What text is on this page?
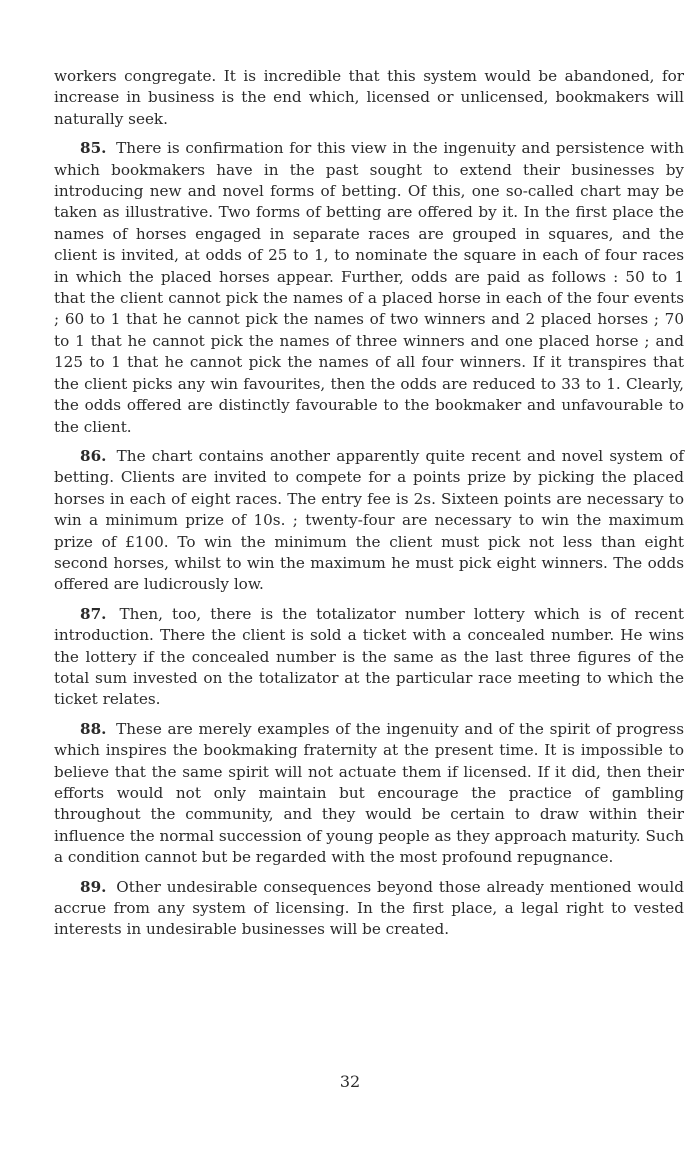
workers congregate. It is incredible that this system would be abandoned, for increase in business is the end which, licensed or unlicensed, bookmakers will naturally seek.

85. There is confirmation for this view in the ingenuity and persistence with which bookmakers have in the past sought to extend their businesses by introducing new and novel forms of betting. Of this, one so-called chart may be taken as illustrative. Two forms of betting are offered by it. In the first place the names of horses engaged in separate races are grouped in squares, and the client is invited, at odds of 25 to 1, to nominate the square in each of four races in which the placed horses appear. Further, odds are paid as follows : 50 to 1 that the client cannot pick the names of a placed horse in each of the four events ; 60 to 1 that he cannot pick the names of two winners and 2 placed horses ; 70 to 1 that he cannot pick the names of three winners and one placed horse ; and 125 to 1 that he cannot pick the names of all four winners. If it transpires that the client picks any win favourites, then the odds are reduced to 33 to 1. Clearly, the odds offered are distinctly favourable to the bookmaker and unfavourable to the client.

86. The chart contains another apparently quite recent and novel system of betting. Clients are invited to compete for a points prize by picking the placed horses in each of eight races. The entry fee is 2s. Sixteen points are necessary to win a minimum prize of 10s. ; twenty-four are necessary to win the maximum prize of £100. To win the minimum the client must pick not less than eight second horses, whilst to win the maximum he must pick eight winners. The odds offered are ludicrously low.

87. Then, too, there is the totalizator number lottery which is of recent introduction. There the client is sold a ticket with a concealed number. He wins the lottery if the concealed number is the same as the last three figures of the total sum invested on the totalizator at the particular race meeting to which the ticket relates.

88. These are merely examples of the ingenuity and of the spirit of progress which inspires the bookmaking fraternity at the present time. It is impossible to believe that the same spirit will not actuate them if licensed. If it did, then their efforts would not only maintain but encourage the practice of gambling throughout the community, and they would be certain to draw within their influence the normal succession of young people as they approach maturity. Such a condition cannot but be regarded with the most profound repugnance.

89. Other undesirable consequences beyond those already mentioned would accrue from any system of licensing. In the first place, a legal right to vested interests in undesirable businesses will be created.

32
